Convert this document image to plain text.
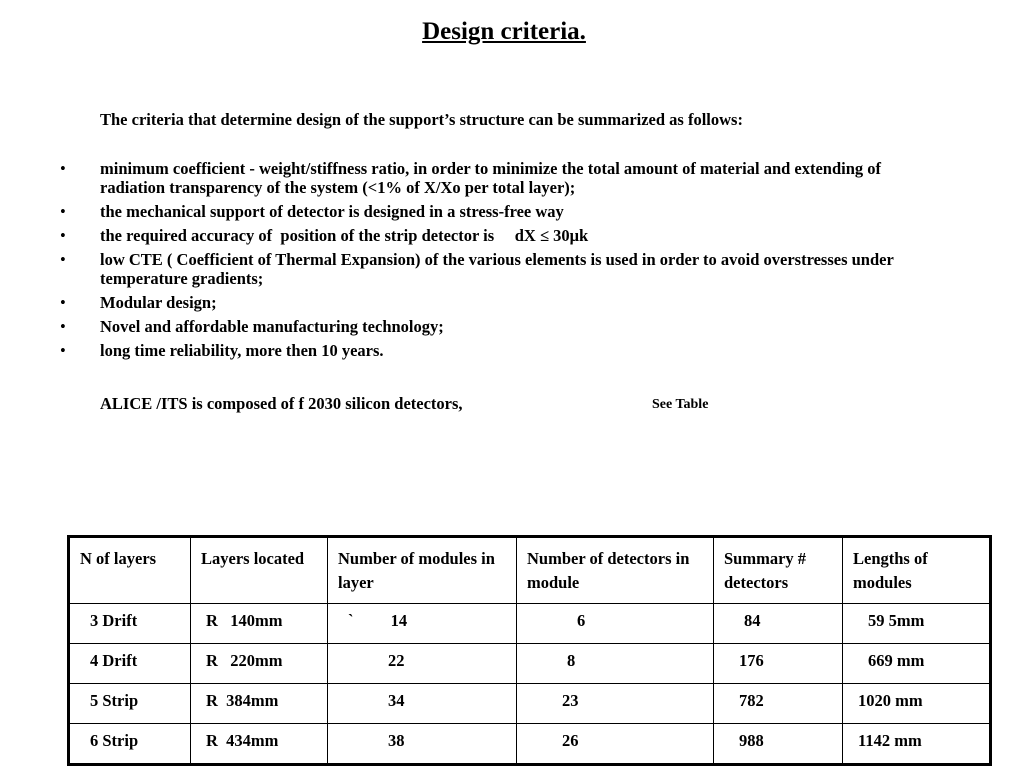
Design criteria.
The criteria that determine design of the support’s structure can be summarized as follows:
• minimum coefficient - weight/stiffness ratio, in order to minimize the total amount of material and extending of radiation transparency of the system (<1% of X/Xo per total layer);
• the mechanical support of detector is designed in a stress-free way
• the required accuracy of  position of the strip detector is     dX ≤ 30μk
• low CTE ( Coefficient of Thermal Expansion) of the various elements is used in order to avoid overstresses under temperature gradients;
• Modular design;
• Novel and affordable manufacturing technology;
• long time reliability, more then 10 years.
ALICE /ITS is composed of f 2030 silicon detectors,	See Table
N of layers	Layers located	Number of modules in layer	Number of detectors in module	Summary # detectors	Lengths of modules
3 Drift	R   140mm	`         14	6	84	59 5mm
4 Drift	R   220mm	22	8	176	669 mm
5 Strip	R  384mm	34	23	782	1020 mm
6 Strip	R  434mm	38	26	988	1142 mm
